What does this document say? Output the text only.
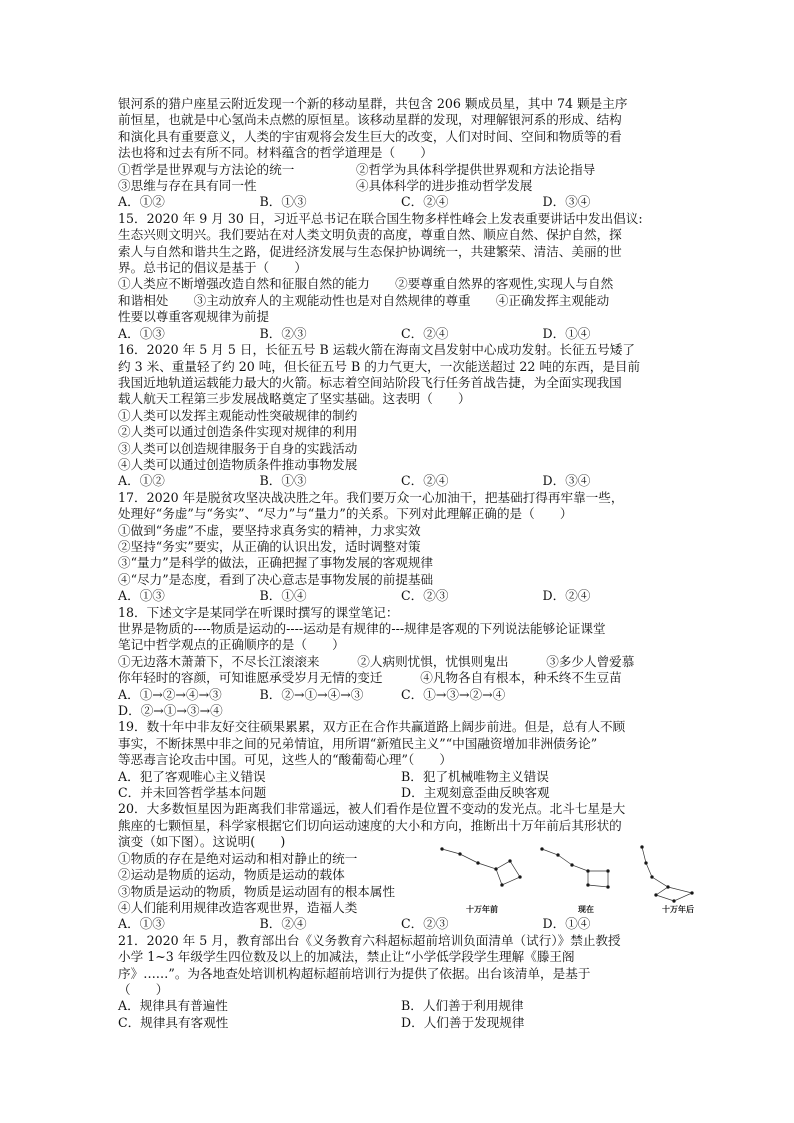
银河系的猎户座星云附近发现一个新的移动星群，共包含 206 颗成员星，其中 74 颗是主序
前恒星，也就是中心氢尚未点燃的原恒星。该移动星群的发现，对理解银河系的形成、结构
和演化具有重要意义，人类的宇宙观将会发生巨大的改变，人们对时间、空间和物质等的看
法也将和过去有所不同。材料蕴含的哲学道理是（　　）
①哲学是世界观与方法论的统一	②哲学为具体科学提供世界观和方法论指导
③思维与存在具有同一性	④具体科学的进步推动哲学发展
A．①②	B．①③	C．②④	D．③④
15．2020 年 9 月 30 日，习近平总书记在联合国生物多样性峰会上发表重要讲话中发出倡议:
生态兴则文明兴。我们要站在对人类文明负责的高度，尊重自然、顺应自然、保护自然，探
索人与自然和谐共生之路，促进经济发展与生态保护协调统一，共建繁荣、清洁、美丽的世
界。总书记的倡议是基于（　　）
①人类应不断增强改造自然和征服自然的能力　　②要尊重自然界的客观性,实现人与自然
和谐相处　　③主动放弃人的主观能动性也是对自然规律的尊重　　④正确发挥主观能动
性要以尊重客观规律为前提
A．①③	B．②③	C．②④	D．①④
16．2020 年 5 月 5 日，长征五号 B 运载火箭在海南文昌发射中心成功发射。长征五号矮了
约 3 米、重量轻了约 20 吨，但长征五号 B 的力气更大，一次能送超过 22 吨的东西，是目前
我国近地轨道运载能力最大的火箭。标志着空间站阶段飞行任务首战告捷，为全面实现我国
载人航天工程第三步发展战略奠定了坚实基础。这表明（　　）
①人类可以发挥主观能动性突破规律的制约
②人类可以通过创造条件实现对规律的利用
③人类可以创造规律服务于自身的实践活动
④人类可以通过创造物质条件推动事物发展
A．①②	B．①③	C．②④	D．③④
17．2020 年是脱贫攻坚决战决胜之年。我们要万众一心加油干，把基础打得再牢靠一些，
处理好“务虚”与“务实”、“尽力”与“量力”的关系。下列对此理解正确的是（　　）
①做到“务虚”不虚，要坚持求真务实的精神，力求实效
②坚持“务实”要实，从正确的认识出发，适时调整对策
③“量力”是科学的做法，正确把握了事物发展的客观规律
④“尽力”是态度，看到了决心意志是事物发展的前提基础
A．①③	B．①④	C．②③	D．②④
18．下述文字是某同学在听课时撰写的课堂笔记：
世界是物质的----物质是运动的----运动是有规律的---规律是客观的下列说法能够论证课堂
笔记中哲学观点的正确顺序的是（　　）
①无边落木萧萧下，不尽长江滚滚来　　　②人病则忧惧，忧惧则鬼出　　　③多少人曾爱慕
你年轻时的容颜，可知谁愿承受岁月无情的变迁　　　④凡物各自有根本，种禾终不生豆苗
A．①→②→④→③	B．②→①→④→③	C．①→③→②→④
D．②→①→③→④
19．数十年中非友好交往硕果累累，双方正在合作共赢道路上阔步前进。但是，总有人不顾
事实，不断抹黑中非之间的兄弟情谊，用所谓“新殖民主义”“中国融资增加非洲债务论”
等恶毒言论攻击中国。可见，这些人的“酸葡萄心理”（　　）
A．犯了客观唯心主义错误	B．犯了机械唯物主义错误
C．并未回答哲学基本问题	D．主观刻意歪曲反映客观
20．大多数恒星因为距离我们非常遥远，被人们看作是位置不变动的发光点。北斗七星是大
熊座的七颗恒星，科学家根据它们切向运动速度的大小和方向，推断出十万年前后其形状的
演变（如下图）。这说明(　　)
①物质的存在是绝对运动和相对静止的统一
②运动是物质的运动，物质是运动的载体
③物质是运动的物质，物质是运动固有的根本属性
④人们能利用规律改造客观世界，造福人类	十万年前	现在	十万年后
A．①③	B．②④	C．②③	D．①④
21．2020 年 5 月，教育部出台《义务教育六科超标超前培训负面清单（试行）》禁止教授
小学 1~3 年级学生四位数及以上的加减法，禁止让“小学低学段学生理解《滕王阁
序》……”。为各地查处培训机构超标超前培训行为提供了依据。出台该清单，是基于
（　　）
A．规律具有普遍性	B．人们善于利用规律
C．规律具有客观性	D．人们善于发现规律
